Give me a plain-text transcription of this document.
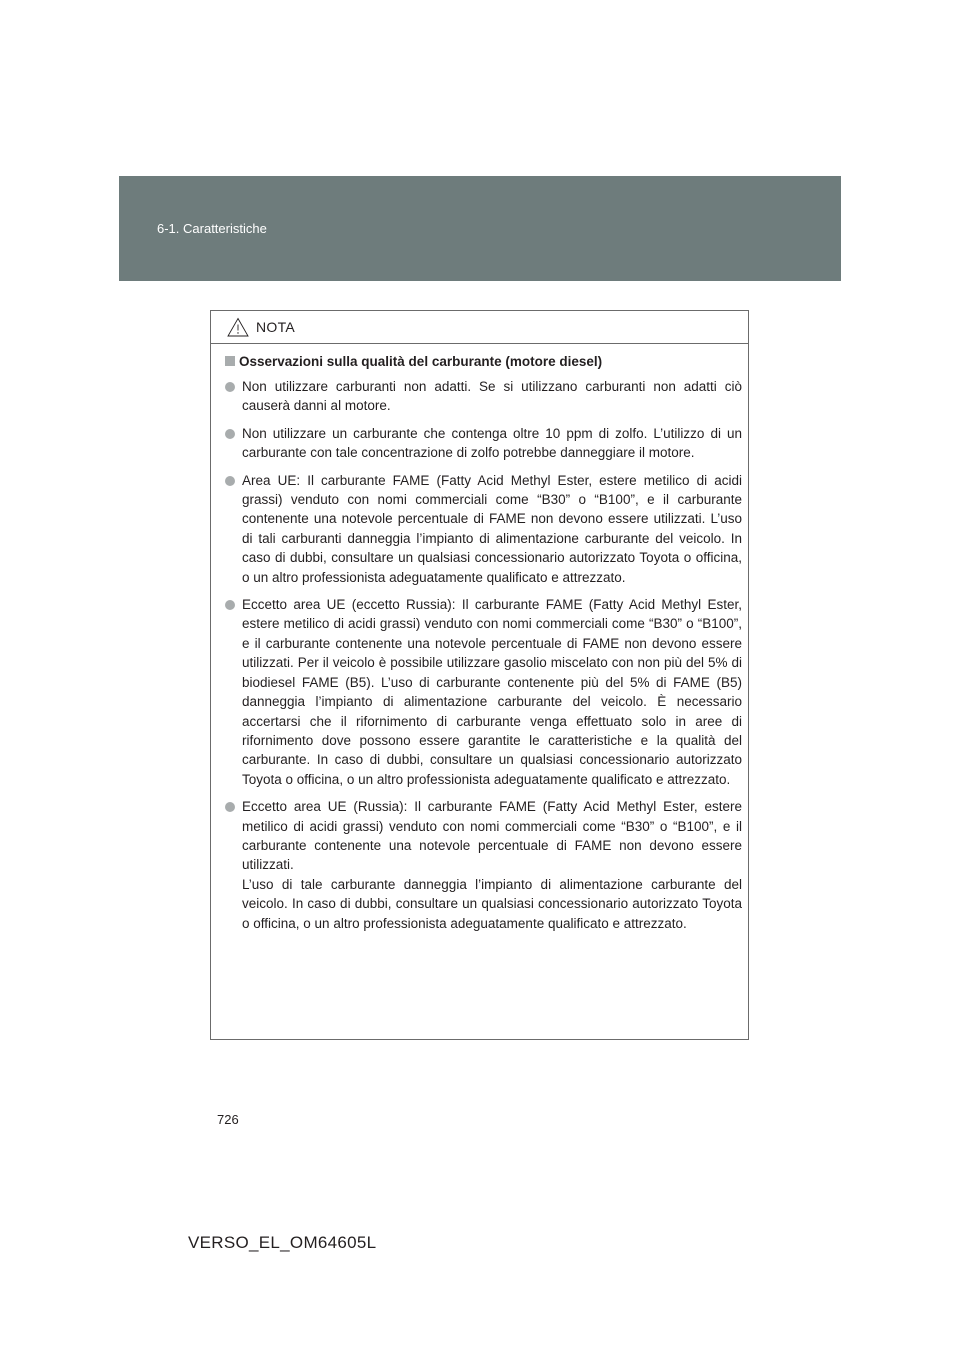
6-1. Caratteristiche
NOTA
Osservazioni sulla qualità del carburante (motore diesel)
Non utilizzare carburanti non adatti. Se si utilizzano carburanti non adatti ciò causerà danni al motore.
Non utilizzare un carburante che contenga oltre 10 ppm di zolfo. L’utilizzo di un carburante con tale concentrazione di zolfo potrebbe danneggiare il motore.
Area UE: Il carburante FAME (Fatty Acid Methyl Ester, estere metilico di acidi grassi) venduto con nomi commerciali come “B30” o “B100”, e il carburante contenente una notevole percentuale di FAME non devono essere utilizzati. L’uso di tali carburanti danneggia l’impianto di alimentazione carburante del veicolo. In caso di dubbi, consultare un qualsiasi concessionario autorizzato Toyota o officina, o un altro professionista adeguatamente qualificato e attrezzato.
Eccetto area UE (eccetto Russia): Il carburante FAME (Fatty Acid Methyl Ester, estere metilico di acidi grassi) venduto con nomi commerciali come “B30” o “B100”, e il carburante contenente una notevole percentuale di FAME non devono essere utilizzati. Per il veicolo è possibile utilizzare gasolio miscelato con non più del 5% di biodiesel FAME (B5). L’uso di carburante contenente più del 5% di FAME (B5) danneggia l’impianto di alimentazione carburante del veicolo. È necessario accertarsi che il rifornimento di carburante venga effettuato solo in aree di rifornimento dove possono essere garantite le caratteristiche e la qualità del carburante. In caso di dubbi, consultare un qualsiasi concessionario autorizzato Toyota o officina, o un altro professionista adeguatamente qualificato e attrezzato.
Eccetto area UE (Russia): Il carburante FAME (Fatty Acid Methyl Ester, estere metilico di acidi grassi) venduto con nomi commerciali come “B30” o “B100”, e il carburante contenente una notevole percentuale di FAME non devono essere utilizzati.
L’uso di tale carburante danneggia l’impianto di alimentazione carburante del veicolo. In caso di dubbi, consultare un qualsiasi concessionario autorizzato Toyota o officina, o un altro professionista adeguatamente qualificato e attrezzato.
726
VERSO_EL_OM64605L
